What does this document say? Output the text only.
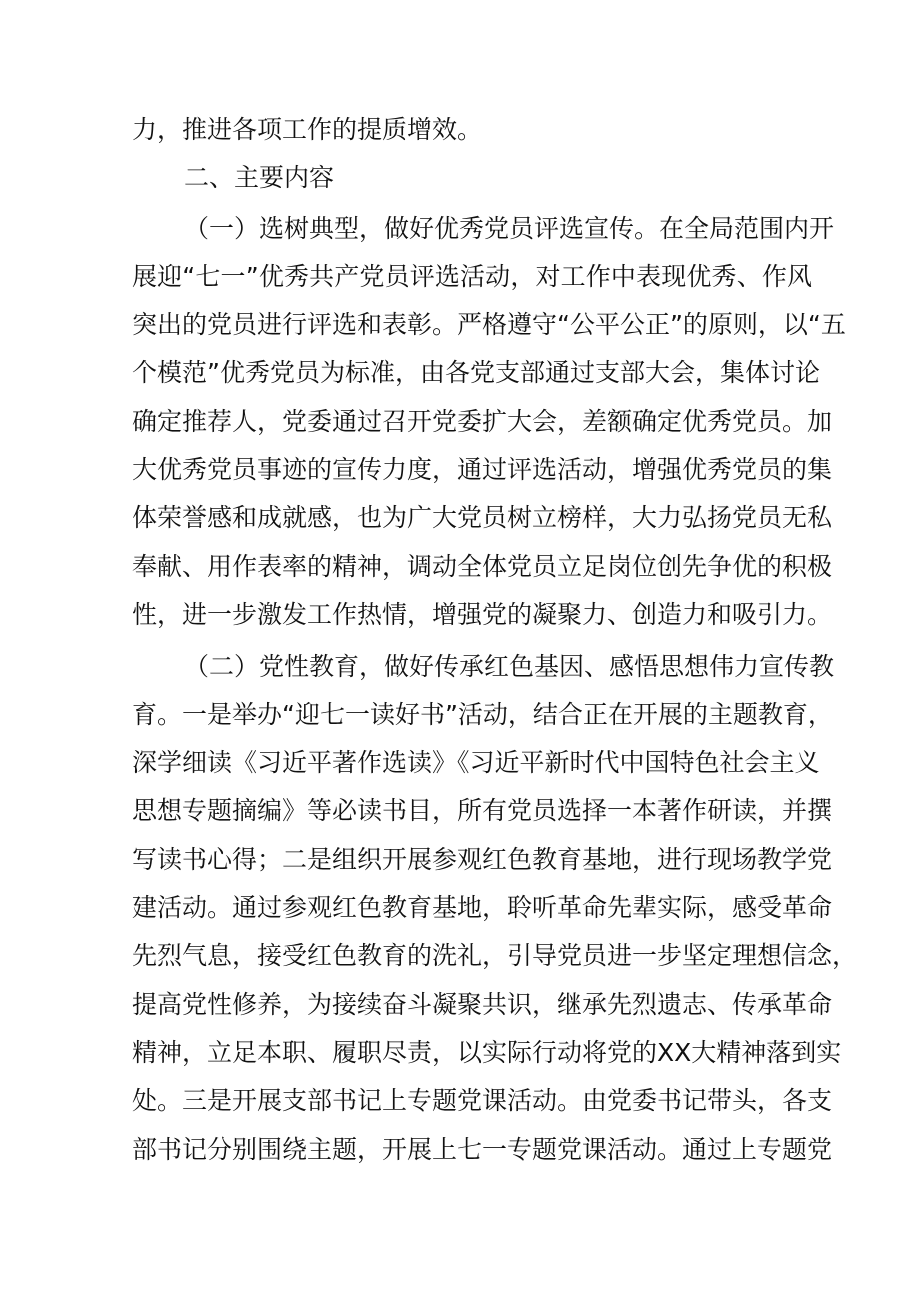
力，推进各项工作的提质增效。

二、主要内容

（一）选树典型，做好优秀党员评选宣传。在全局范围内开

展迎“七一”优秀共产党员评选活动，对工作中表现优秀、作风

突出的党员进行评选和表彰。严格遵守“公平公正”的原则，以“五

个模范”优秀党员为标准，由各党支部通过支部大会，集体讨论

确定推荐人，党委通过召开党委扩大会，差额确定优秀党员。加

大优秀党员事迹的宣传力度，通过评选活动，增强优秀党员的集

体荣誉感和成就感，也为广大党员树立榜样，大力弘扬党员无私

奉献、用作表率的精神，调动全体党员立足岗位创先争优的积极

性，进一步激发工作热情，增强党的凝聚力、创造力和吸引力。

（二）党性教育，做好传承红色基因、感悟思想伟力宣传教

育。一是举办“迎七一读好书”活动，结合正在开展的主题教育，

深学细读《习近平著作选读》《习近平新时代中国特色社会主义

思想专题摘编》等必读书目，所有党员选择一本著作研读，并撰

写读书心得；二是组织开展参观红色教育基地，进行现场教学党

建活动。通过参观红色教育基地，聆听革命先辈实际，感受革命

先烈气息，接受红色教育的洗礼，引导党员进一步坚定理想信念，

提高党性修养，为接续奋斗凝聚共识，继承先烈遗志、传承革命

精神，立足本职、履职尽责，以实际行动将党的XX大精神落到实

处。三是开展支部书记上专题党课活动。由党委书记带头，各支

部书记分别围绕主题，开展上七一专题党课活动。通过上专题党
